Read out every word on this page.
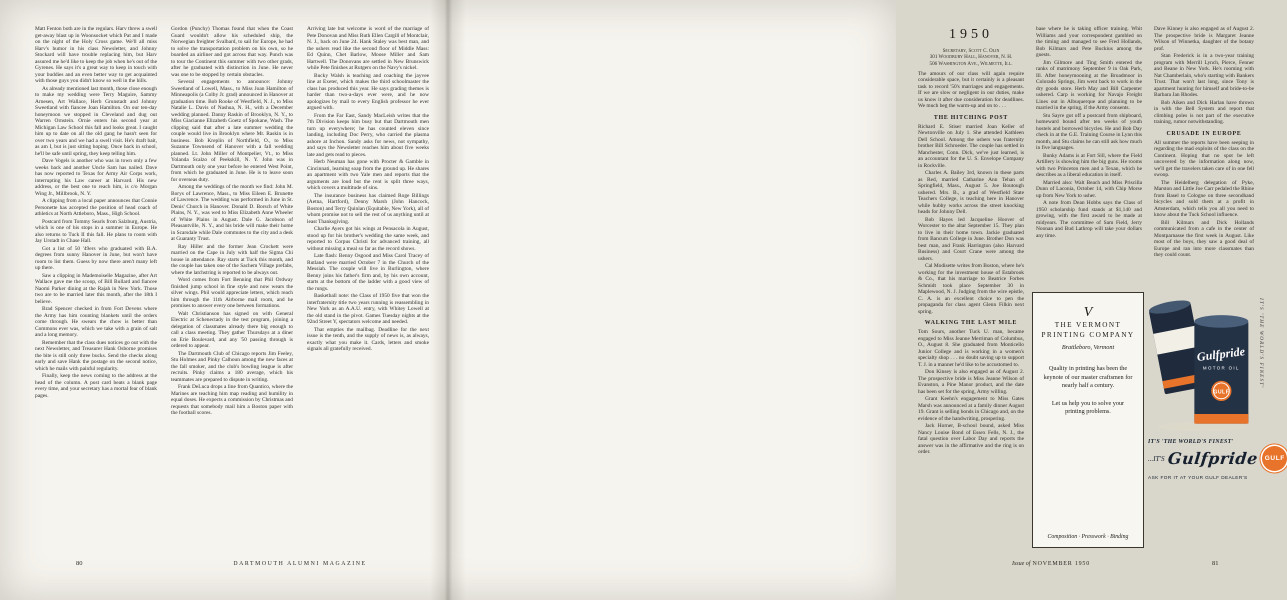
Matt Fenton both are in the regulars. Harv threw a swell get-away blast up in Woonsocket which Pat and I made on the night of the Holy Cross game. We'll all miss Harv's humor in his class Newsletter, and Johnny Stockard will have trouble replacing him, but Harv assured me he'd like to keep the job when he's out of the Gyrenes. He says it's a great way to keep in touch with your buddies and an even better way to get acquainted with those guys you didn't know so well in the hills.
As already mentioned last month, those close enough to make my wedding were Terry Maguire, Sammy Arnesen, Art Wallace, Herb Grunstadt and Johnny Sweetland with fiancee Joan Hamilton. On our ten-day honeymoon we stopped in Cleveland and dug out Warren Ornstein. Ornie enters his second year at Michigan Law School this fall and looks great. I caught him up to date on all the old gang he hasn't seen for over two years and we had a swell visit. He's draft bait, as am I, but is just sitting hoping. Once back in school, he'll be safe until spring, they keep telling him.
Dave Vogels is another who was in town only a few weeks back and another Uncle Sam has nailed. Dave has now reported to Texas for Army Air Corps work, interrupting his Law career at Harvard. His new address, or the best one to reach him, is c/o Morgan Wing Jr., Millbrook, N. Y.
A clipping from a local paper announces that Connie Personette has accepted the position of head coach of athletics at North Attleboro, Mass., High School.
Postcard from Tommy Searls from Salzburg, Austria, which is one of his stops in a summer in Europe. He also returns to Tuck II this fall. He plans to room with Jay Urstadt in Chase Hall.
Got a list of 50 '49ers who graduated with B.A. degrees from sunny Hanover in June, but won't have room to list them. Guess by now there aren't many left up there.
Saw a clipping in Mademoiselle Magazine, after Art Wallace gave me the scoop, of Bill Bullard and fiancee Naomi Parker dining at the Rajah in New York. Those two are to be married later this month, after the 18th I believe.
Brad Spencer checked in from Fort Devens where the Army has him counting blankets until the orders come through. He swears the chow is better than Commons ever was, which we take with a grain of salt and a long memory.
Remember that the class dues notices go out with the next Newsletter, and Treasurer Hank Osborne promises the bite is still only three bucks. Send the checks along early and save Hank the postage on the second notice, which he mails with painful regularity.
Finally, keep the news coming to the address at the head of the column. A post card beats a blank page every time, and your secretary has a mortal fear of blank pages.
Gordon (Punchy) Thomas found that when the Coast Guard wouldn't allow his scheduled ship, the Norwegian freighter Svalbard, to sail for Europe, he had to solve the transportation problem on his own, so he boarded an airliner and got across that way. Punch was to tour the Continent this summer with two other grads, after he graduated with distinction in June. He never was one to be stopped by certain obstacles.
Several engagements to announce: Johnny Sweetland of Lowell, Mass., to Miss Joan Hamilton of Minneapolis (a Colby Jr. grad) announced in Hanover at graduation time. Bob Rooke of Westfield, N. J., to Miss Natalie L. Davis of Nashua, N. H., with a December wedding planned. Danny Raskin of Brooklyn, N. Y., to Miss Giacianne Elizabeth Goetz of Spokane, Wash. The clipping said that after a late summer wedding the couple would live in Brooklyn where Mr. Raskin is in business. Bob Kreplin of Northfield, O., to Miss Suzanne Townsend of Hanover with a fall wedding planned. Lt. John Miller of Montpelier, Vt., to Miss Yolanda Scalzo of Peekskill, N. Y. John was in Dartmouth only one year before he entered West Point, from which he graduated in June. He is to leave soon for overseas duty.
Among the weddings of the month we find: John M. Borys of Lawrence, Mass., to Miss Eileen E. Brunette of Lawrence. The wedding was performed in June in St. Denis' Church in Hanover. Donald D. Borsch of White Plains, N. Y., was wed to Miss Elizabeth Anne Wheeler of White Plains in August. Dale G. Jacobson of Pleasantville, N. Y., and his bride will make their home in Scarsdale while Dale commutes to the city and a desk at Guaranty Trust.
Ray Hiller and the former Jean Crockett were married on the Cape in July with half the Sigma Chi house in attendance. Ray starts at Tuck this month, and the couple has taken one of the Sachem Village prefabs, where the latchstring is reported to be always out.
Word comes from Fort Benning that Phil Ordway finished jump school in fine style and now wears the silver wings. Phil would appreciate letters, which reach him through the 11th Airborne mail room, and he promises to answer every one between formations.
Walt Christianson has signed on with General Electric at Schenectady in the test program, joining a delegation of classmates already there big enough to call a class meeting. They gather Thursdays at a diner on Erie Boulevard, and any '50 passing through is ordered to appear.
The Dartmouth Club of Chicago reports Jim Feeley, Stu Holmes and Pinky Calhoun among the new faces at the fall smoker, and the club's bowling league is after recruits. Pinky claims a 180 average, which his teammates are prepared to dispute in writing.
Frank DeLuca drops a line from Quantico, where the Marines are teaching him map reading and humility in equal doses. He expects a commission by Christmas and requests that somebody mail him a Boston paper with the football scores.
Arriving late but welcome is word of the marriage of Pete Donovan and Miss Ruth Ellen Cargill of Montclair, N. J., back on June 24. Hank Staley was best man, and the ushers read like the second floor of Middle Mass: Ed Quinn, Chet Barlow, Moose Miller and Sam Hartwell. The Donovans are settled in New Brunswick while Pete finishes at Rutgers on the Navy's nickel.
Bucky Walsh is teaching and coaching the jayvee line at Exeter, which makes the third schoolmaster the class has produced this year. He says grading themes is harder than two-a-days ever were, and he now apologizes by mail to every English professor he ever argued with.
From the Far East, Sandy MacLeish writes that the 7th Division keeps him busy but that Dartmouth men turn up everywhere; he has counted eleven since landing, including Doc Perry, who carried the plasma ashore at Inchon. Sandy asks for news, not sympathy, and says the Newsletter reaches him about five weeks late and gets read to pieces.
Herb Neuman has gone with Procter & Gamble in Cincinnati, learning soap from the ground up. He shares an apartment with two Yale men and reports that the arguments are loud but the rent is split three ways, which covers a multitude of sins.
The insurance business has claimed Roge Billings (Aetna, Hartford), Denny Marsh (John Hancock, Boston) and Terry Quinlan (Equitable, New York), all of whom promise not to sell the rest of us anything until at least Thanksgiving.
Charlie Ayers got his wings at Pensacola in August, stood up for his brother's wedding the same week, and reported to Corpus Christi for advanced training, all without missing a meal so far as the record shows.
Late flash: Benny Osgood and Miss Carol Tracey of Rutland were married October 7 in the Church of the Messiah. The couple will live in Burlington, where Benny joins his father's firm and, by his own account, starts at the bottom of the ladder with a good view of the rungs.
Basketball note: the Class of 1950 five that won the interfraternity title two years running is reassembling in New York as an A.A.U. entry, with Whitey Lowell at the old stand in the pivot. Games Tuesday nights at the 92nd Street Y, spectators welcome and needed.
That empties the mailbag. Deadline for the next issue is the tenth, and the supply of news is, as always, exactly what you make it. Cards, letters and smoke signals all gratefully received.
80	DARTMOUTH ALUMNI MAGAZINE
1950
Secretary, Scott C. Olin
301 Woodbury Hall, Hanover, N. H.
506 Washington Ave., Wilmette, Ill.
The amours of our class will again require considerable space, but it certainly is a pleasant task to record '50's marriages and engagements. If we are slow or negligent in our duties, make us know it after due consideration for deadlines. We much beg the warm-up and on to . . .
THE HITCHING POST
Richard E. Stiser married Joan Keller of Newtonville on July 1. She attended Kathleen Dell School. Among the ushers was fraternity brother Bill Schroeder. The couple has settled in Manchester, Conn. Dick, we've just learned, is an accountant for the U. S. Envelope Company in Rockville.
Charles A. Bailey 3rd, known in these parts as Red, married Catharine Ann Tehan of Springfield, Mass., August 5. Joe Boutough ushered. Mrs. B., a grad of Westfield State Teachers College, is teaching here in Hanover while hubby works across the street knocking heads for Johnny Dell.
Bob Hayes led Jacqueline Hoover of Worcester to the altar September 15. They plan to live in their home town. Jackie graduated from Bancum College in June. Brother Don was best man, and Frank Harrington (also Harvard Business) and Court Crane were among the ushers.
Cal Modisette writes from Boston, where he's working for the investment house of Estabrook & Co., that his marriage to Beatrice Forbes Schmidt took place September 30 in Maplewood, N. J. Judging from the wire epistle, C. A. is an excellent choice to pen the propaganda for class agent Glenn Filkin next spring.
WALKING THE LAST MILE
Tom Sours, another Tuck U. man, became engaged to Miss Jeanne Merriman of Columbus, O., August 8. She graduated from Monticello Junior College and is working in a women's specialty shop . . . no doubt saving up to support T. J. in a manner he'd like to be accustomed to.
Don Kinsey is also engaged as of August 2. The prospective bride is Miss Jeanne Wilson of Evanston, a Pine Manor product, and the date has been set for the spring, Army willing.
Grant Keehn's engagement to Miss Gates Marsh was announced at a family dinner August 19. Grant is selling bonds in Chicago and, on the evidence of the handwriting, prospering.
Jack Horner, B-school bound, asked Miss Nancy Louise Bond of Essex Fells, N. J., the fatal question over Labor Day and reports the answer was in the affirmative and the ring is on order.
base where he is taking officer training. Whit Williams and your correspondent gambled on the timing and managed to see Fred Hollands, Bob Kilmars and Pete Buckius among the guests.
Jim Gilmore and Ting Smith entered the ranks of matrimony September 9 in Oak Park, Ill. After honeymooning at the Broadmoor in Colorado Springs, Jim went back to work in the dry goods store. Herb May and Bill Carpenter ushered. Carp is working for Navajo Freight Lines out in Albuquerque and planning to be married in the spring, if the Army consents.
Stu Sayre got off a postcard from shipboard, homeward bound after ten weeks of youth hostels and borrowed bicycles. He and Bob Day check in at the G.E. Training Course in Lynn this month, and Stu claims he can still ask how much in five languages.
Bunky Adams is at Fort Sill, where the Field Artillery is showing him the big guns. He rooms with two Princeton men and a Texan, which he describes as a liberal education in itself.
Married also: Walt Beach and Miss Priscilla Dunn of Laconia, October 14, with Chip Morse up from New York to usher.
A note from Dean Hobbs says the Class of 1950 scholarship fund stands at $1,140 and growing, with the first award to be made at midyears. The committee of Sam Field, Jerry Noonan and Bud Lathrop will take your dollars any time.
Dave Kinney is also engaged as of August 2. The prospective bride is Margaret Jeanne Wilson of Winnetka, daughter of the botany prof.
Stan Frederick is in a two-year training program with Merrill Lynch, Pierce, Fenner and Beane in New York. He's rooming with Nat Chamberlain, who's starting with Bankers Trust. That won't last long, since Tony is apartment hunting for himself and bride-to-be Barbara Jan Rhodes.
Bob Aiken and Dick Harlan have thrown in with the Bell System and report that climbing poles is not part of the executive training, rumor notwithstanding.
CRUSADE IN EUROPE
All summer the reports have been seeping in regarding the mad exploits of the class on the Continent. Hoping that no spot be left uncovered by the information along now, we'll get the travelers taken care of in one fell swoop.
The Heidelberg delegation of Pyke, Marston and Little Joe Carr pedaled the Rhine from Basel to Cologne on three secondhand bicycles and sold them at a profit in Amsterdam, which tells you all you need to know about the Tuck School influence.
Bill Kilmars and Dick Hollands communicated from a cafe in the center of Montparnasse the first week in August. Like most of the boys, they saw a good deal of Europe and ran into more classmates than they could count.
V
THE VERMONT
PRINTING COMPANY
Brattleboro, Vermont
Quality in printing has been the keynote of our master craftsmen for nearly half a century.
Let us help you to solve your printing problems.
Composition · Presswork · Binding
Gulfpride
MOTOR OIL
GULF
IT'S 'THE WORLD'S FINEST'
IT'S 'THE WORLD'S FINEST'
...IT'S Gulfpride GULF
ASK FOR IT AT YOUR GULF DEALER'S
Issue of NOVEMBER 1950	81
